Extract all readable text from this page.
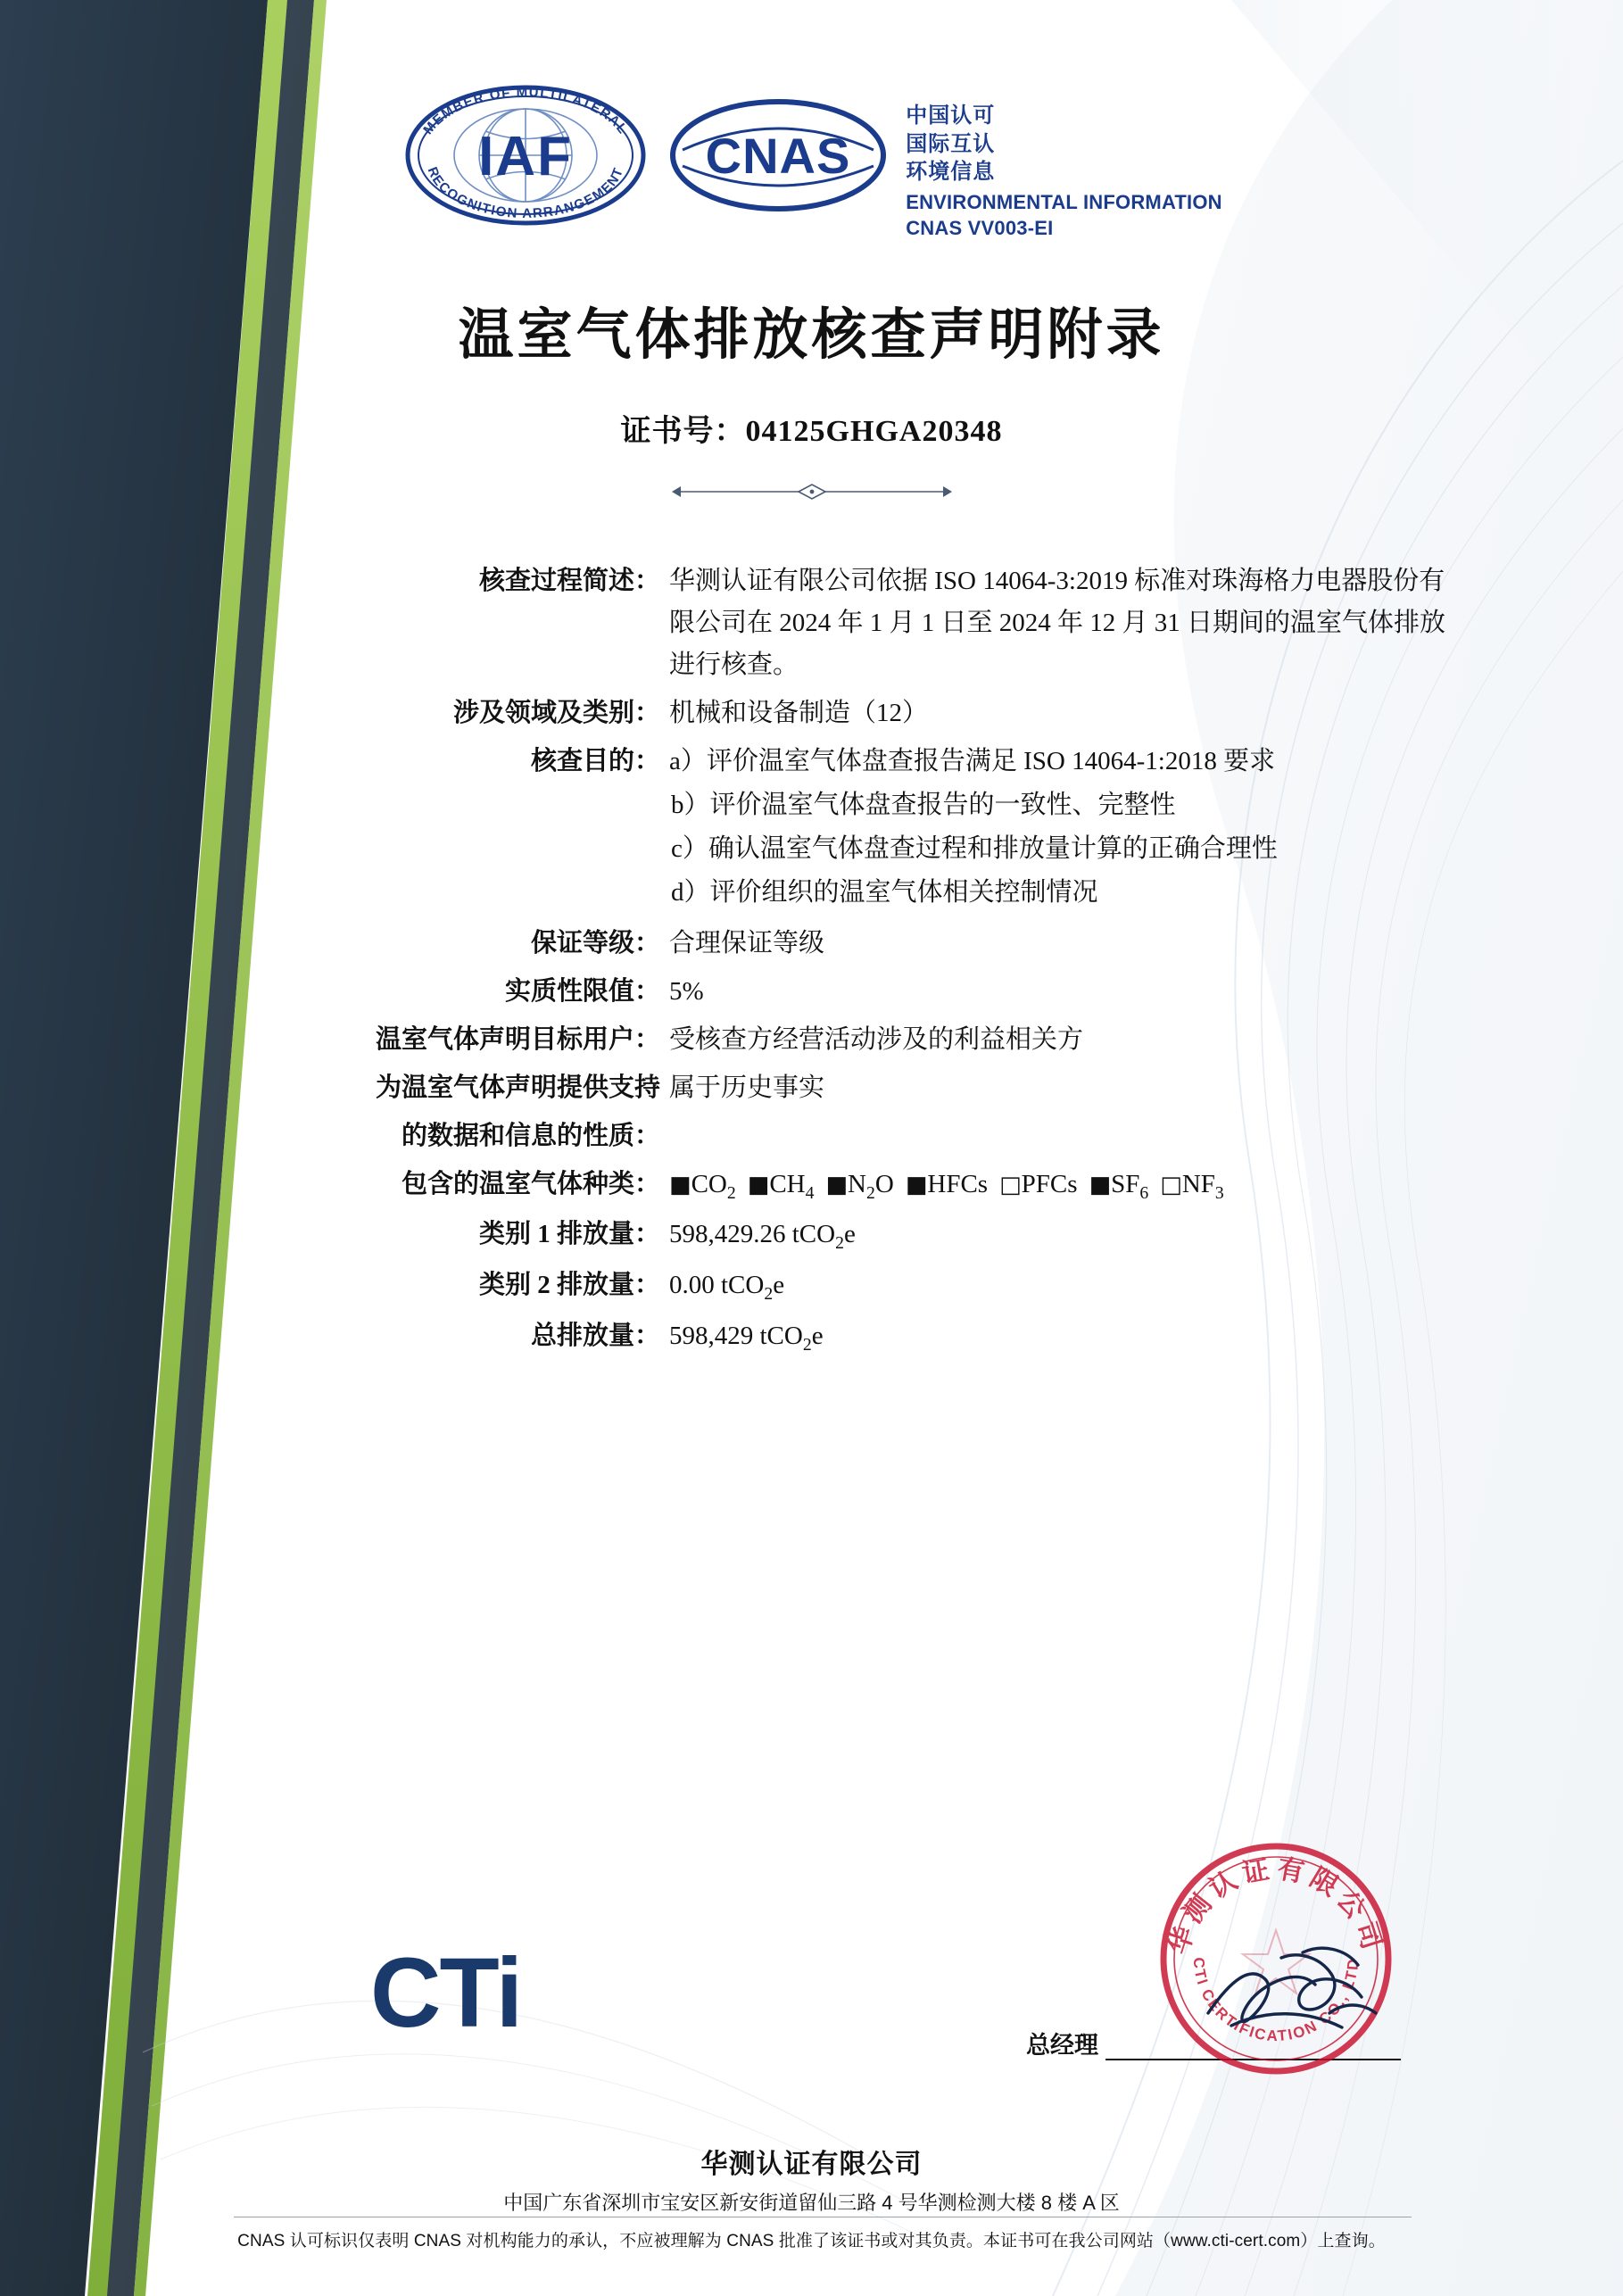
IAF
MEMBER OF MULTILATERAL
RECOGNITION ARRANGEMENT CNAS
中国认可
国际互认
环境信息
ENVIRONMENTAL INFORMATION
CNAS VV003-EI
温室气体排放核查声明附录
证书号：04125GHGA20348
核查过程简述： 华测认证有限公司依据 ISO 14064-3:2019 标准对珠海格力电器股份有限公司在 2024 年 1 月 1 日至 2024 年 12 月 31 日期间的温室气体排放进行核查。
涉及领域及类别： 机械和设备制造（12）
核查目的： a）评价温室气体盘查报告满足 ISO 14064-1:2018 要求
b）评价温室气体盘查报告的一致性、完整性
c）确认温室气体盘查过程和排放量计算的正确合理性
d）评价组织的温室气体相关控制情况
保证等级： 合理保证等级
实质性限值： 5%
温室气体声明目标用户： 受核查方经营活动涉及的利益相关方
为温室气体声明提供支持 属于历史事实
的数据和信息的性质：
包含的温室气体种类： $■CO_2$ $■CH_4$ $■N_2O$ ■HFCs □PFCs $■SF_6$ $□NF_3$
类别 1 排放量： 598,429.26 tCO$_2$e
类别 2 排放量： 0.00 tCO$_2$e
总排放量： 598,429 tCO$_2$e
CTi	总经理
华测认证有限公司
CTI CERTIFICATION CO., LTD
华测认证有限公司
中国广东省深圳市宝安区新安街道留仙三路 4 号华测检测大楼 8 楼 A 区
CNAS 认可标识仅表明 CNAS 对机构能力的承认，不应被理解为 CNAS 批准了该证书或对其负责。本证书可在我公司网站（www.cti-cert.com）上查询。
